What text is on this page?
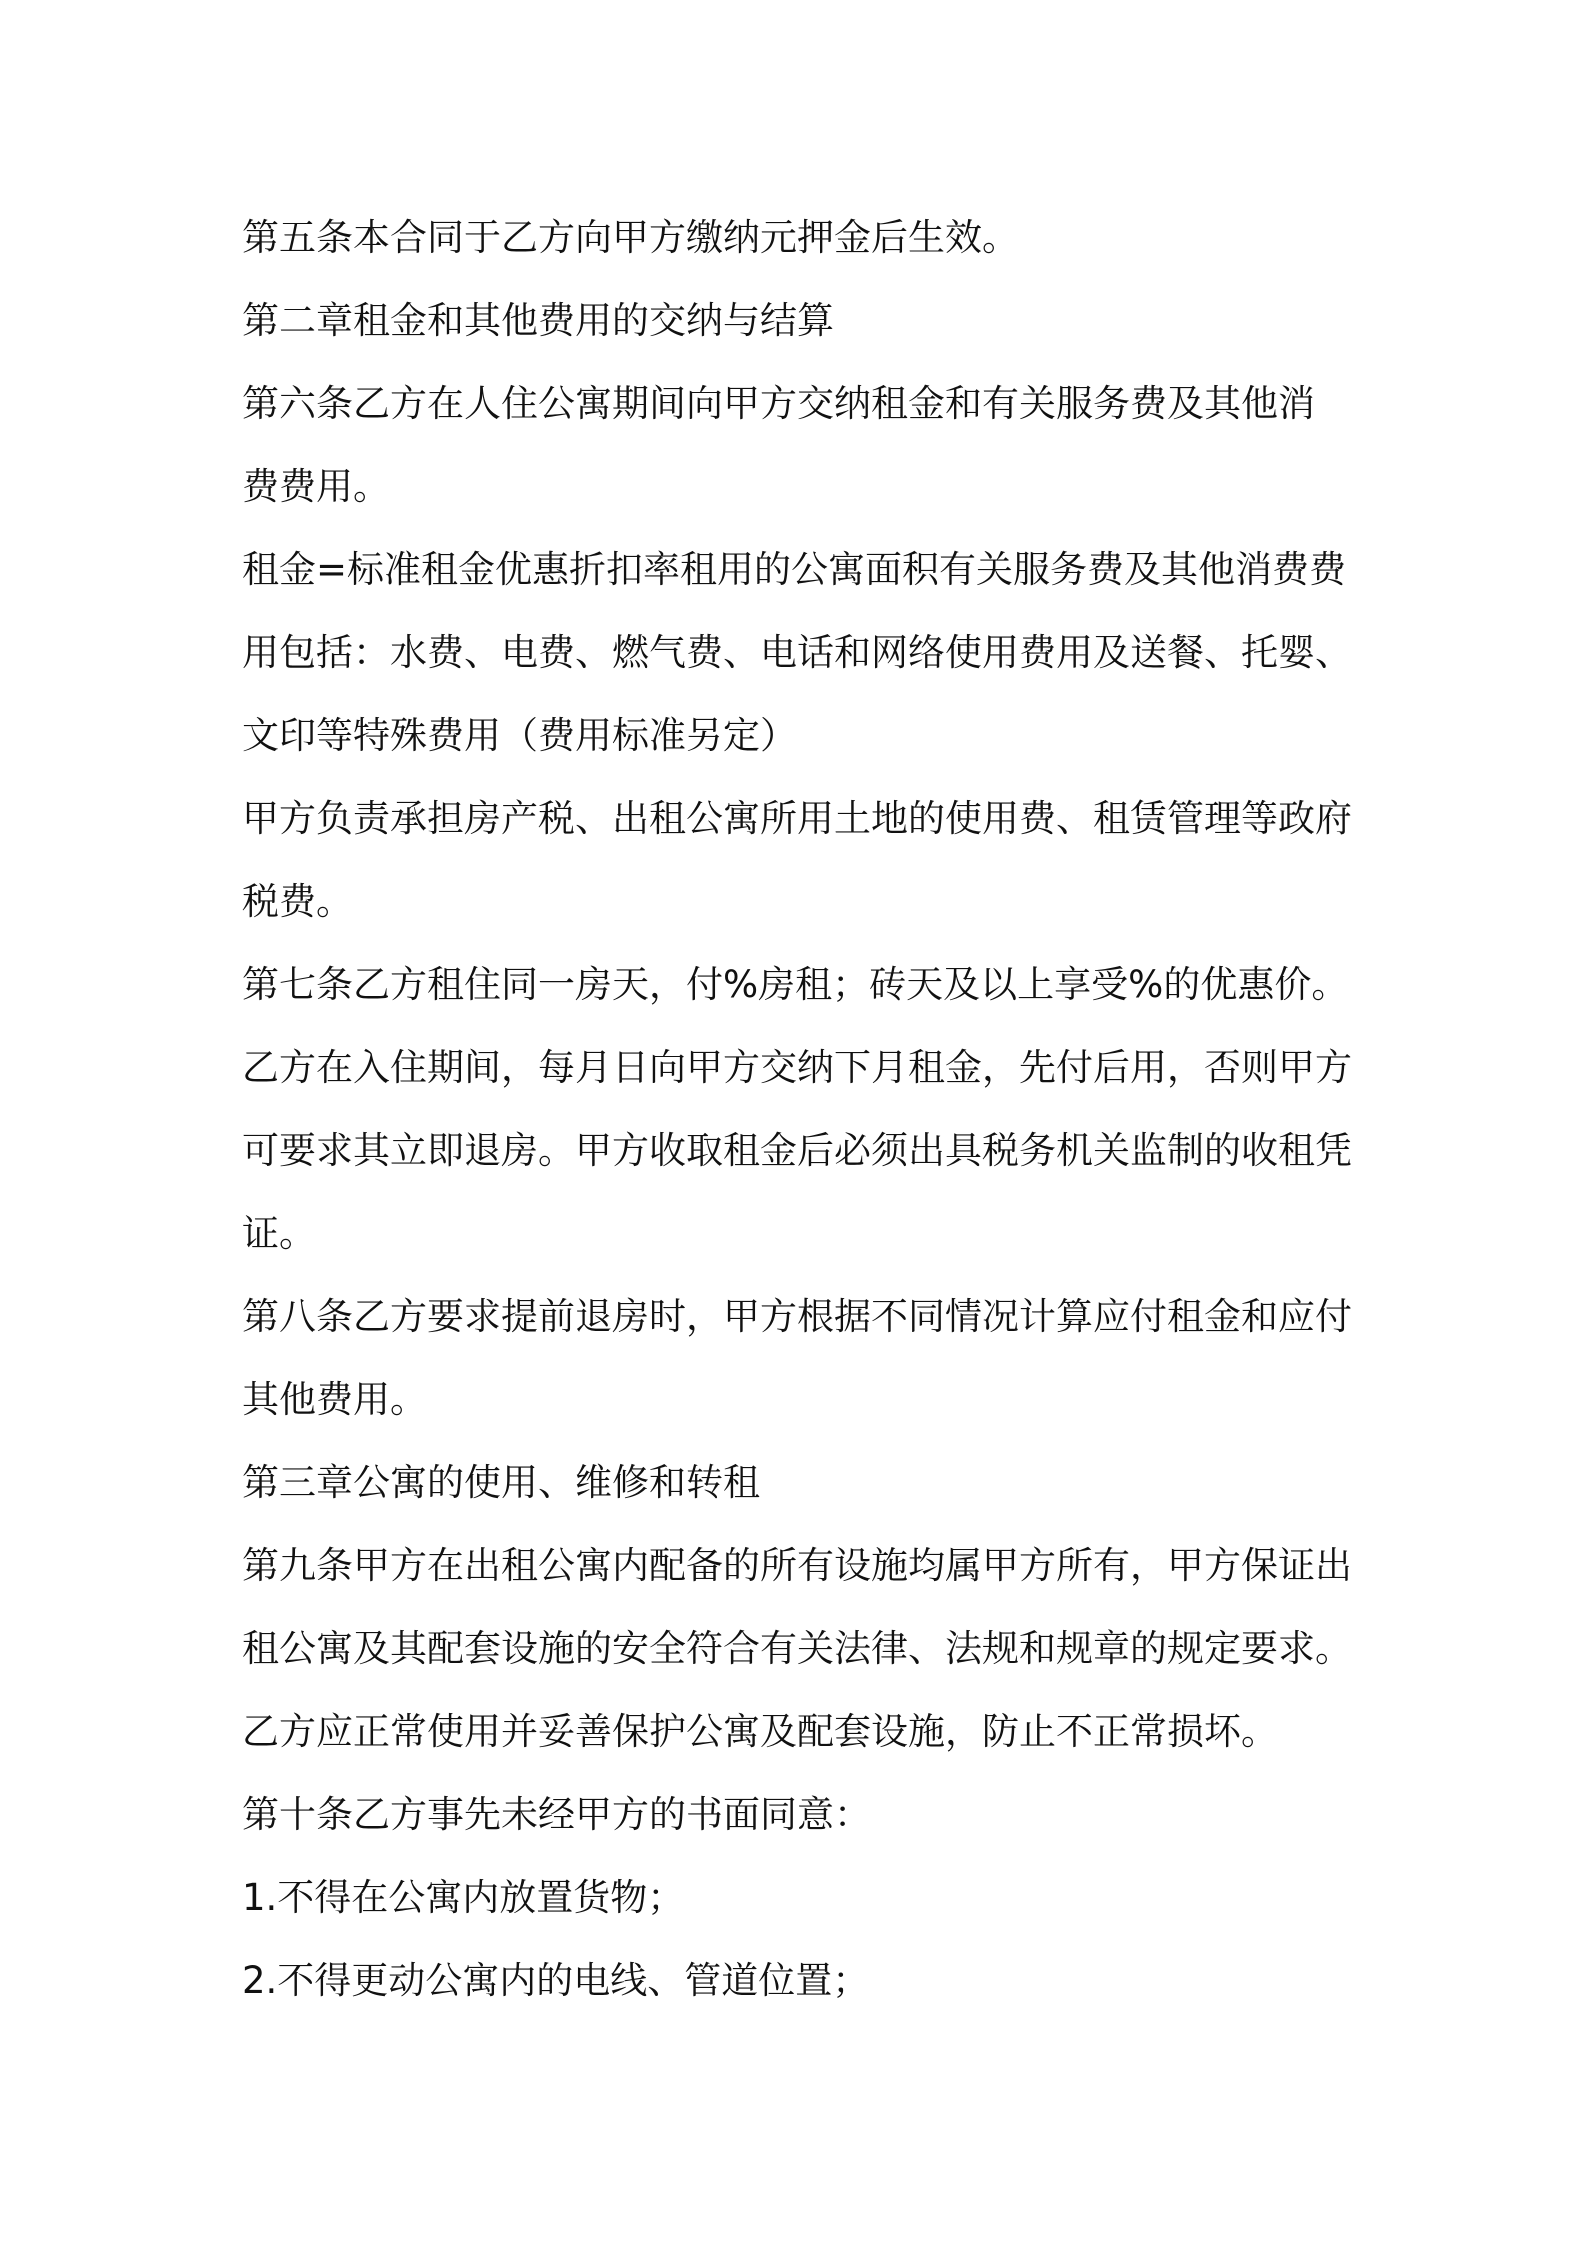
第五条本合同于乙方向甲方缴纳元押金后生效。
第二章租金和其他费用的交纳与结算
第六条乙方在人住公寓期间向甲方交纳租金和有关服务费及其他消
费费用。
租金=标准租金优惠折扣率租用的公寓面积有关服务费及其他消费费
用包括：水费、电费、燃气费、电话和网络使用费用及送餐、托婴、
文印等特殊费用（费用标准另定）
甲方负责承担房产税、出租公寓所用土地的使用费、租赁管理等政府
税费。
第七条乙方租住同一房天，付%房租；砖天及以上享受%的优惠价。
乙方在入住期间，每月日向甲方交纳下月租金，先付后用，否则甲方
可要求其立即退房。甲方收取租金后必须出具税务机关监制的收租凭
证。
第八条乙方要求提前退房时，甲方根据不同情况计算应付租金和应付
其他费用。
第三章公寓的使用、维修和转租
第九条甲方在出租公寓内配备的所有设施均属甲方所有，甲方保证出
租公寓及其配套设施的安全符合有关法律、法规和规章的规定要求。
乙方应正常使用并妥善保护公寓及配套设施，防止不正常损坏。
第十条乙方事先未经甲方的书面同意：
1.不得在公寓内放置货物；
2.不得更动公寓内的电线、管道位置；
